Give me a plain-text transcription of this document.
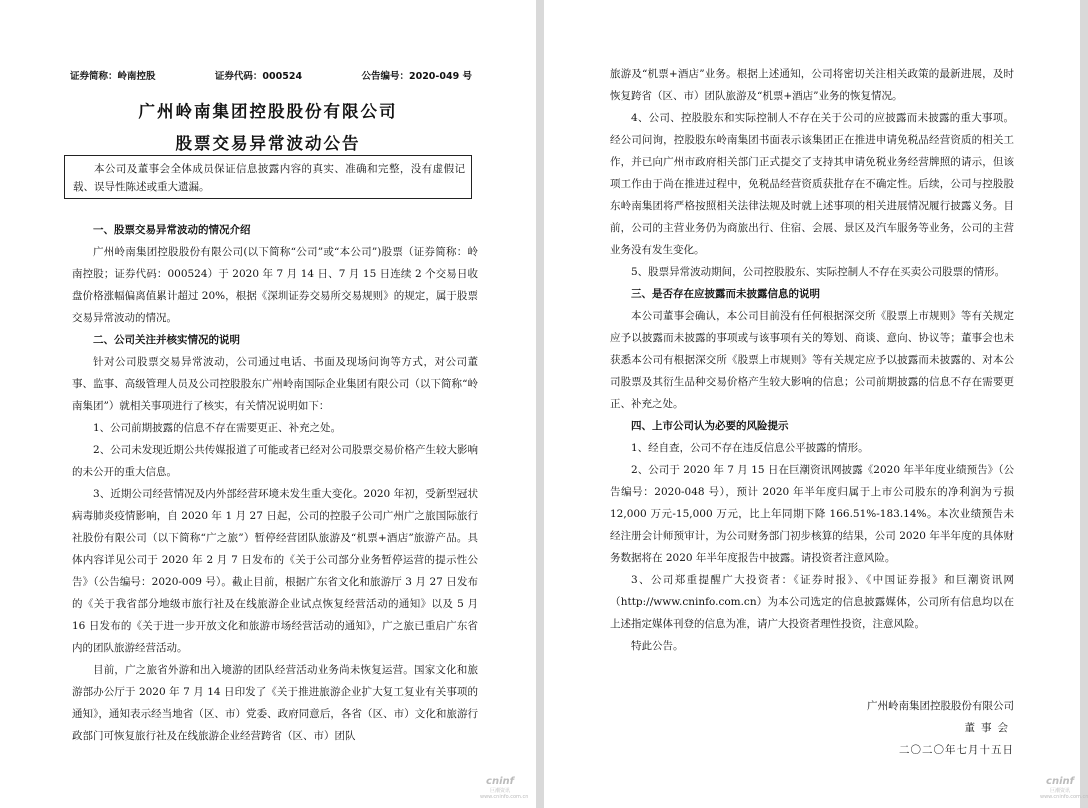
证券简称：岭南控股	证券代码：000524	公告编号：2020-049 号
广州岭南集团控股股份有限公司
股票交易异常波动公告
本公司及董事会全体成员保证信息披露内容的真实、准确和完整，没有虚假记载、误导性陈述或重大遗漏。
一、股票交易异常波动的情况介绍

广州岭南集团控股股份有限公司(以下简称“公司”或“本公司”)股票（证券简称：岭南控股；证券代码：000524）于 2020 年 7 月 14 日、7 月 15 日连续 2 个交易日收盘价格涨幅偏离值累计超过 20%，根据《深圳证券交易所交易规则》的规定，属于股票交易异常波动的情况。

二、公司关注并核实情况的说明

针对公司股票交易异常波动，公司通过电话、书面及现场问询等方式，对公司董事、监事、高级管理人员及公司控股股东广州岭南国际企业集团有限公司（以下简称“岭南集团”）就相关事项进行了核实，有关情况说明如下：

1、公司前期披露的信息不存在需要更正、补充之处。

2、公司未发现近期公共传媒报道了可能或者已经对公司股票交易价格产生较大影响的未公开的重大信息。

3、近期公司经营情况及内外部经营环境未发生重大变化。2020 年初，受新型冠状病毒肺炎疫情影响，自 2020 年 1 月 27 日起，公司的控股子公司广州广之旅国际旅行社股份有限公司（以下简称“广之旅”）暂停经营团队旅游及“机票+酒店”旅游产品。具体内容详见公司于 2020 年 2 月 7 日发布的《关于公司部分业务暂停运营的提示性公告》（公告编号：2020-009 号）。截止目前，根据广东省文化和旅游厅 3 月 27 日发布的《关于我省部分地级市旅行社及在线旅游企业试点恢复经营活动的通知》以及 5 月 16 日发布的《关于进一步开放文化和旅游市场经营活动的通知》，广之旅已重启广东省内的团队旅游经营活动。

目前，广之旅省外游和出入境游的团队经营活动业务尚未恢复运营。国家文化和旅游部办公厅于 2020 年 7 月 14 日印发了《关于推进旅游企业扩大复工复业有关事项的通知》，通知表示经当地省（区、市）党委、政府同意后，各省（区、市）文化和旅游行政部门可恢复旅行社及在线旅游企业经营跨省（区、市）团队

cninf
巨潮资讯 www.cninfo.com.cn
cninf
巨潮资讯 www.cninfo.com.cn

旅游及“机票+酒店”业务。根据上述通知，公司将密切关注相关政策的最新进展，及时恢复跨省（区、市）团队旅游及“机票+酒店”业务的恢复情况。

4、公司、控股股东和实际控制人不存在关于公司的应披露而未披露的重大事项。经公司问询，控股股东岭南集团书面表示该集团正在推进申请免税品经营资质的相关工作，并已向广州市政府相关部门正式提交了支持其申请免税业务经营牌照的请示，但该项工作由于尚在推进过程中，免税品经营资质获批存在不确定性。后续，公司与控股股东岭南集团将严格按照相关法律法规及时就上述事项的相关进展情况履行披露义务。目前，公司的主营业务仍为商旅出行、住宿、会展、景区及汽车服务等业务，公司的主营业务没有发生变化。

5、股票异常波动期间，公司控股股东、实际控制人不存在买卖公司股票的情形。

三、是否存在应披露而未披露信息的说明

本公司董事会确认，本公司目前没有任何根据深交所《股票上市规则》等有关规定应予以披露而未披露的事项或与该事项有关的筹划、商谈、意向、协议等；董事会也未获悉本公司有根据深交所《股票上市规则》等有关规定应予以披露而未披露的、对本公司股票及其衍生品种交易价格产生较大影响的信息；公司前期披露的信息不存在需要更正、补充之处。

四、上市公司认为必要的风险提示

1、经自查，公司不存在违反信息公平披露的情形。

2、公司于 2020 年 7 月 15 日在巨潮资讯网披露《2020 年半年度业绩预告》（公告编号：2020-048 号），预计 2020 年半年度归属于上市公司股东的净利润为亏损 12,000 万元-15,000 万元，比上年同期下降 166.51%-183.14%。本次业绩预告未经注册会计师预审计，为公司财务部门初步核算的结果，公司 2020 年半年度的具体财务数据将在 2020 年半年度报告中披露。请投资者注意风险。

3、公司郑重提醒广大投资者：《证券时报》、《中国证券报》和巨潮资讯网（http://www.cninfo.com.cn）为本公司选定的信息披露媒体，公司所有信息均以在上述指定媒体刊登的信息为准，请广大投资者理性投资，注意风险。

特此公告。

广州岭南集团控股股份有限公司
董事会
二〇二〇年七月十五日
